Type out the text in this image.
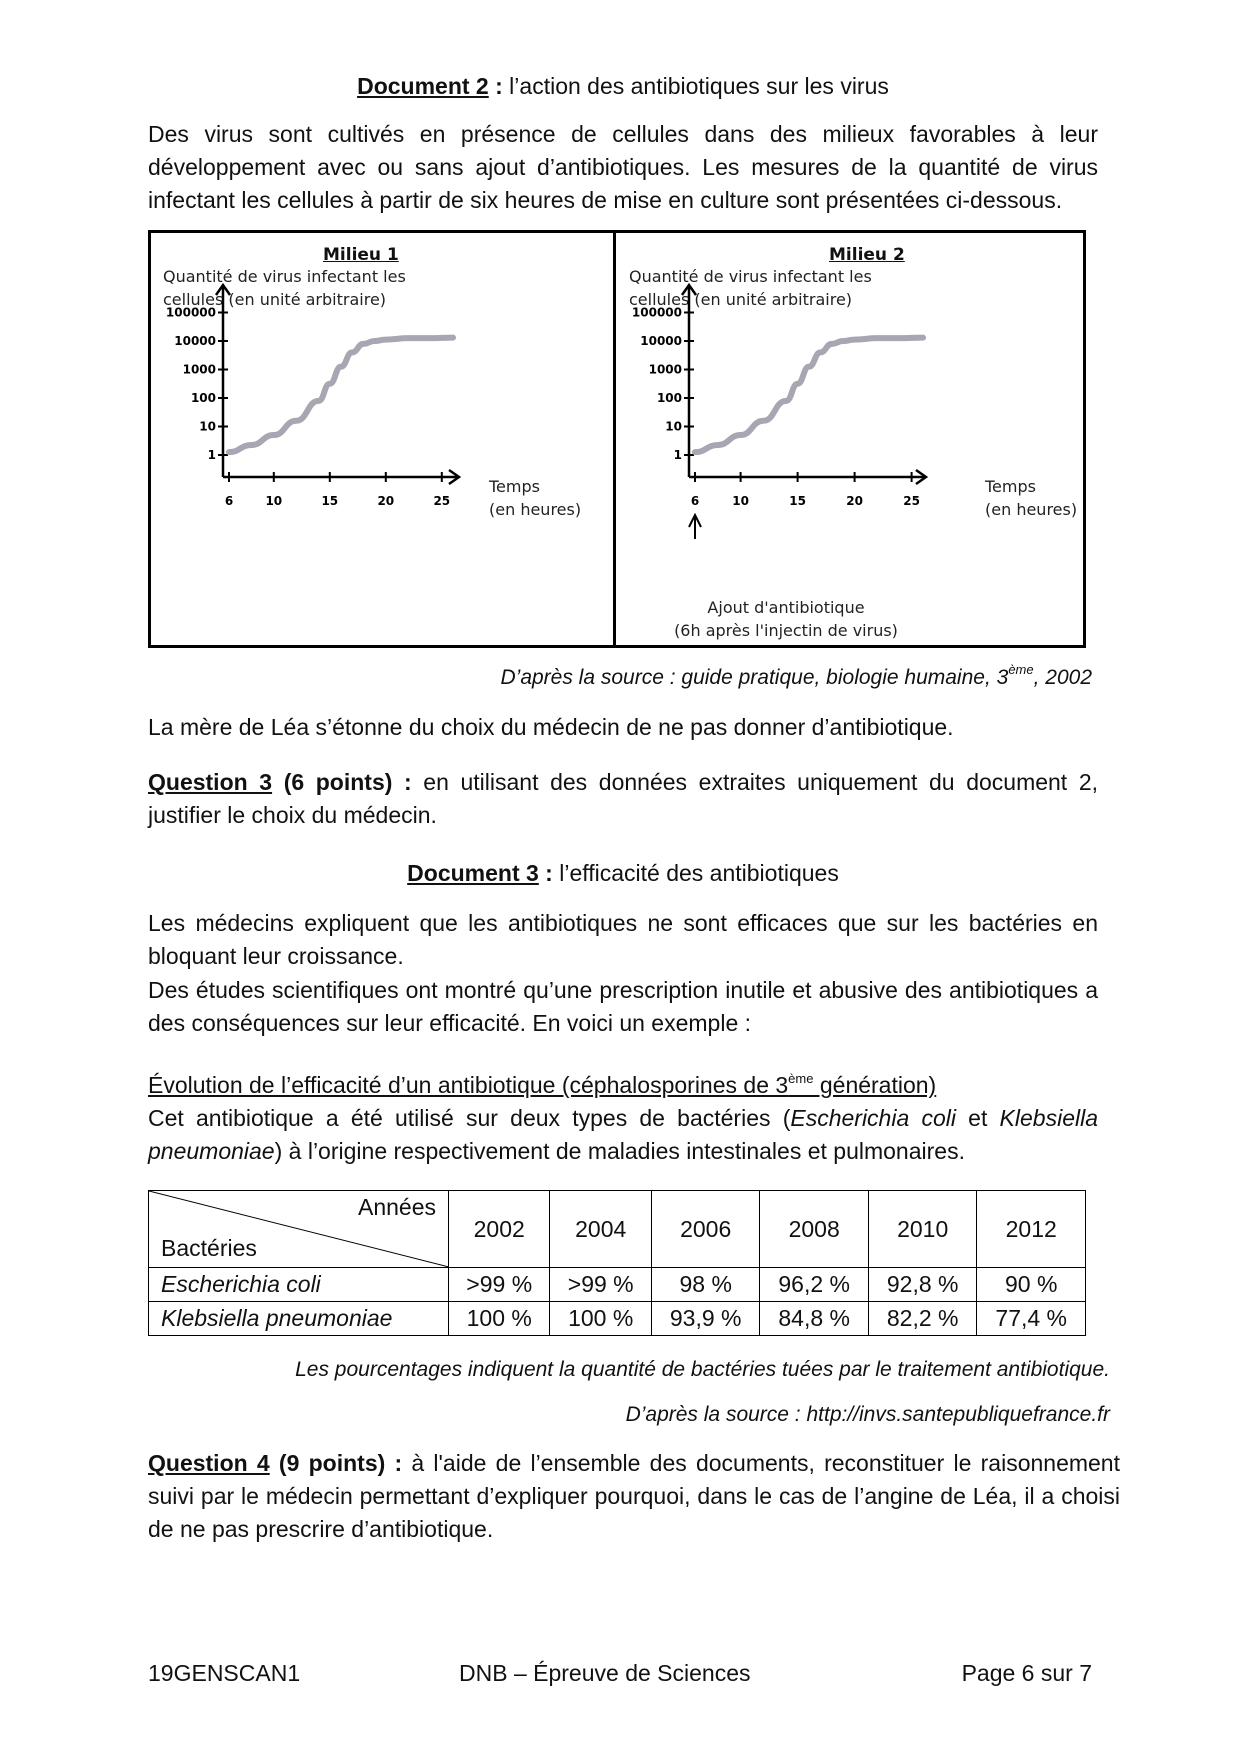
Document 2 : l’action des antibiotiques sur les virus
Des virus sont cultivés en présence de cellules dans des milieux favorables à leur développement avec ou sans ajout d’antibiotiques. Les mesures de la quantité de virus infectant les cellules à partir de six heures de mise en culture sont présentées ci-dessous.
Milieu 1
Quantité de virus infectant les
cellules (en unité arbitraire)
Temps
(en heures)
6	10	15	20	25
1
10
100
1000
10000
100000
Milieu 2
Quantité de virus infectant les
cellules (en unité arbitraire)
Temps
(en heures)
Ajout d'antibiotique
(6h après l'injectin de virus)
6	10	15	20	25
1
10
100
1000
10000
100000
D’après la source : guide pratique, biologie humaine, 3ème, 2002
La mère de Léa s’étonne du choix du médecin de ne pas donner d’antibiotique.
Question 3 (6 points) : en utilisant des données extraites uniquement du document 2, justifier le choix du médecin.
Document 3 : l’efficacité des antibiotiques
Les médecins expliquent que les antibiotiques ne sont efficaces que sur les bactéries en bloquant leur croissance.
Des études scientifiques ont montré qu’une prescription inutile et abusive des antibiotiques a des conséquences sur leur efficacité. En voici un exemple :
Évolution de l’efficacité d’un antibiotique (céphalosporines de 3ème génération)
Cet antibiotique a été utilisé sur deux types de bactéries (Escherichia coli et Klebsiella pneumoniae) à l’origine respectivement de maladies intestinales et pulmonaires.
Années
Bactéries	2002	2004	2006	2008	2010	2012
Escherichia coli	>99 %	>99 %	98 %	96,2 %	92,8 %	90 %
Klebsiella pneumoniae	100 %	100 %	93,9 %	84,8 %	82,2 %	77,4 %
Les pourcentages indiquent la quantité de bactéries tuées par le traitement antibiotique.
D’après la source : http://invs.santepubliquefrance.fr
Question 4 (9 points) : à l'aide de l’ensemble des documents, reconstituer le raisonnement suivi par le médecin permettant d’expliquer pourquoi, dans le cas de l’angine de Léa, il a choisi de ne pas prescrire d’antibiotique.
19GENSCAN1	DNB – Épreuve de Sciences	Page 6 sur 7
